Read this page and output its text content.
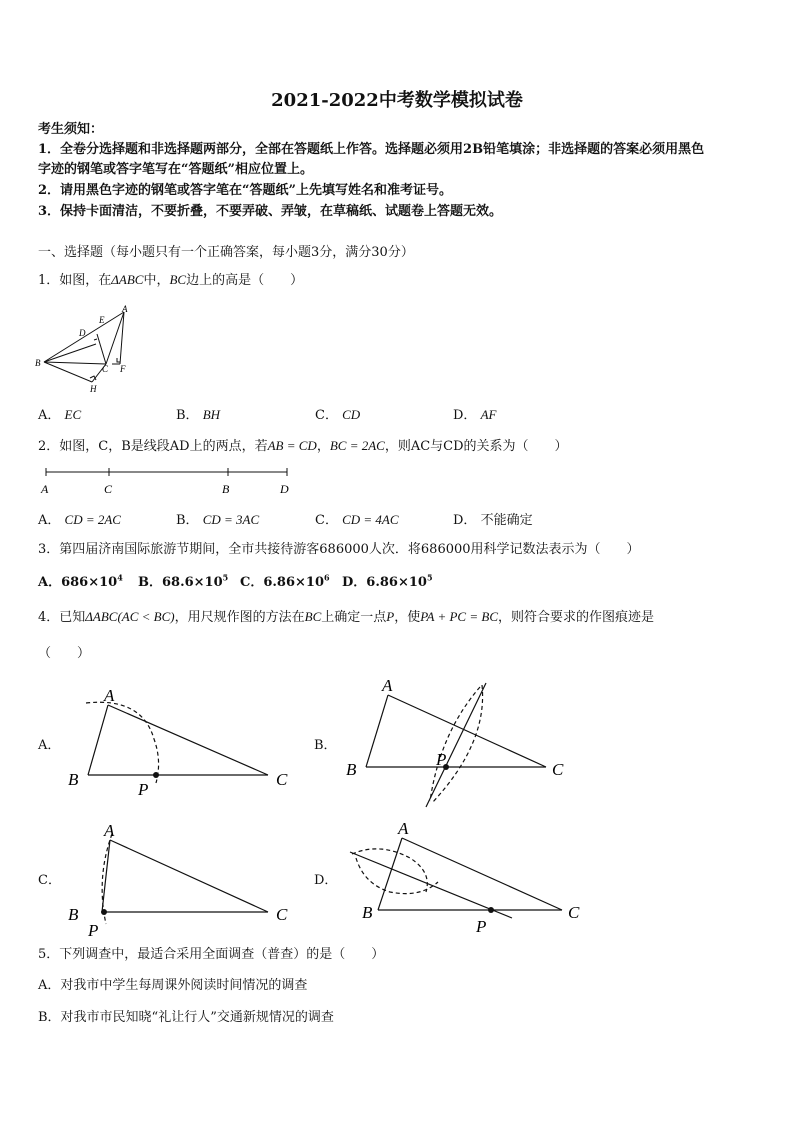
2021-2022中考数学模拟试卷
考生须知：
1．全卷分选择题和非选择题两部分，全部在答题纸上作答。选择题必须用2B铅笔填涂；非选择题的答案必须用黑色
字迹的钢笔或答字笔写在“答题纸”相应位置上。
2．请用黑色字迹的钢笔或答字笔在“答题纸”上先填写姓名和准考证号。
3．保持卡面清洁，不要折叠，不要弄破、弄皱，在草稿纸、试题卷上答题无效。
一、选择题（每小题只有一个正确答案，每小题3分，满分30分）
1．如图，在ΔABC中，BC边上的高是（　　）
B
D
E
A
C F
H
A． EC	B． BH	C． CD	D． AF
2．如图，C，B是线段AD上的两点，若AB = CD，BC = 2AC，则AC与CD的关系为（　　）
A	C	B	D
A． CD = 2AC	B． CD = 3AC	C． CD = 4AC	D． 不能确定
3．第四届济南国际旅游节期间，全市共接待游客686000人次．将686000用科学记数法表示为（　　）
A．$686\times 10^4$ B．$68.6\times 10^5$ C．$6.86\times 10^6$ D．$6.86\times 10^5$
4．已知ΔABC(AC < BC)，用尺规作图的方法在BC上确定一点P，使PA + PC = BC，则符合要求的作图痕迹是
（　　）
A．
A
B	C
P
B．
A
B	C
P
C．
A
B	C
P
D．
A
B	C
P
5．下列调查中，最适合采用全面调查（普查）的是（　　）
A．对我市中学生每周课外阅读时间情况的调查
B．对我市市民知晓“礼让行人”交通新规情况的调查
